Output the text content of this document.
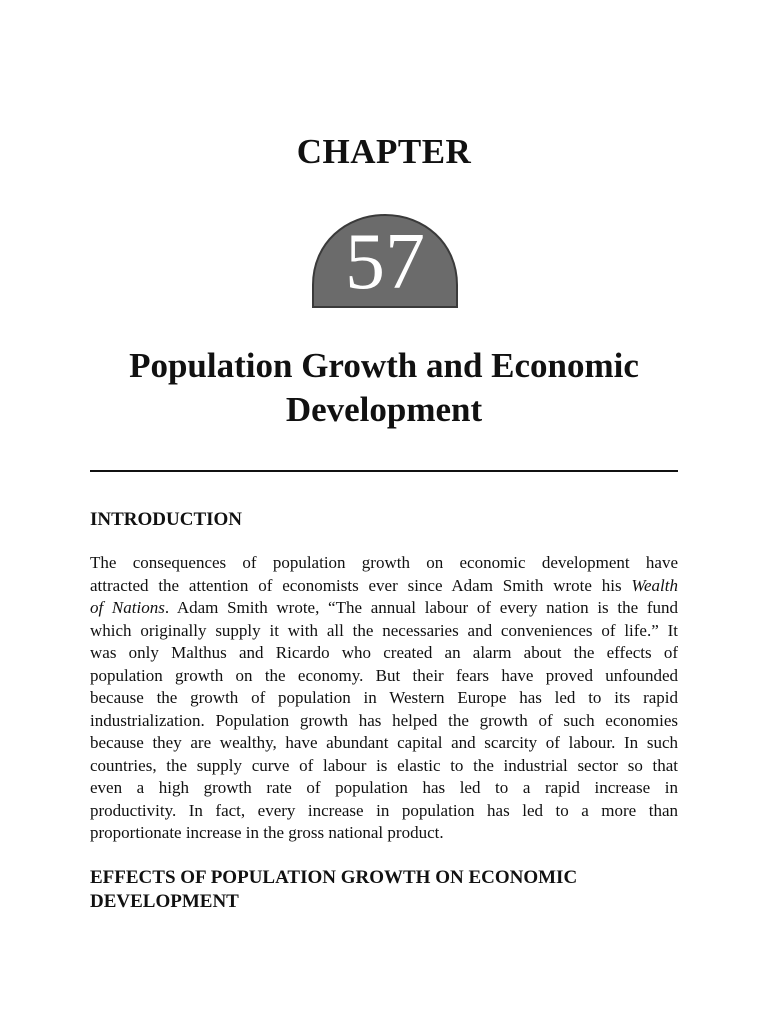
CHAPTER
57
Population Growth and Economic
Development
INTRODUCTION
The consequences of population growth on economic development have
attracted the attention of economists ever since Adam Smith wrote his Wealth
of Nations. Adam Smith wrote, “The annual labour of every nation is the fund
which originally supply it with all the necessaries and conveniences of life.” It
was only Malthus and Ricardo who created an alarm about the effects of
population growth on the economy. But their fears have proved unfounded
because the growth of population in Western Europe has led to its rapid
industrialization. Population growth has helped the growth of such economies
because they are wealthy, have abundant capital and scarcity of labour. In such
countries, the supply curve of labour is elastic to the industrial sector so that
even a high growth rate of population has led to a rapid increase in
productivity. In fact, every increase in population has led to a more than
proportionate increase in the gross national product.
EFFECTS OF POPULATION GROWTH ON ECONOMIC
DEVELOPMENT
